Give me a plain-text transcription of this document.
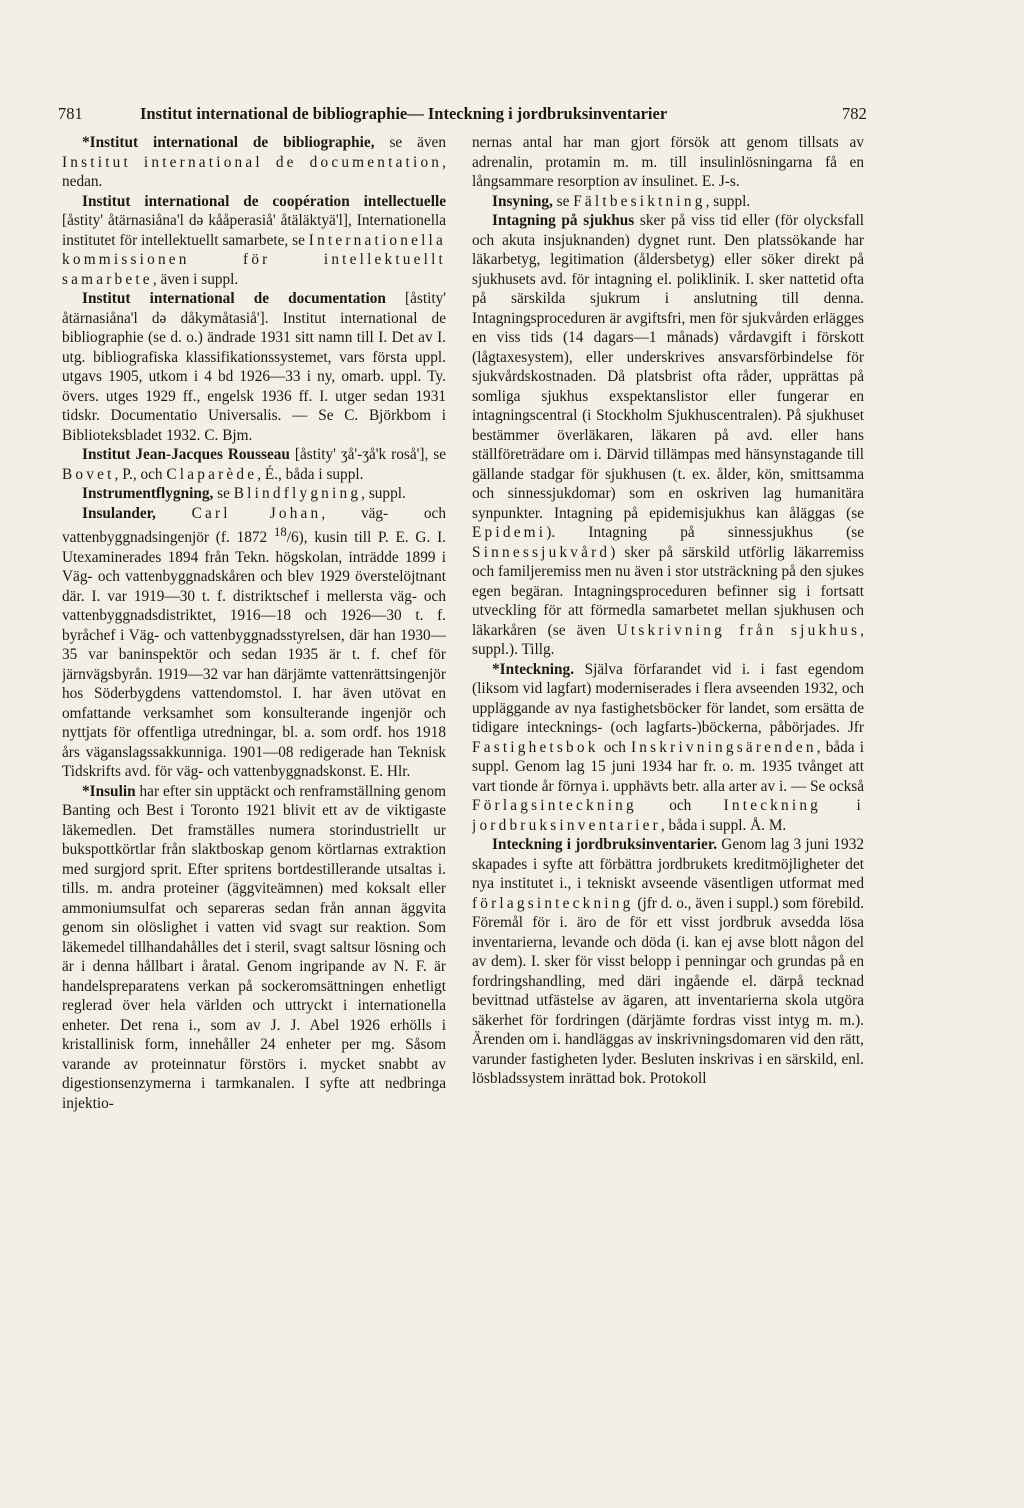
781	Institut international de bibliographie— Inteckning i jordbruksinventarier	782

*Institut international de bibliographie, se även Institut international de documentation, nedan.

Institut international de coopération intellectuelle [åstity' åtärnasiåna'l də kååperasiå' åtäläktyä'l], Internationella institutet för intellektuellt samarbete, se Internationella kommissionen för intellektuellt samarbete, även i suppl.

Institut international de documentation [åstity' åtärnasiåna'l də dåkymåtasiå']. Institut international de bibliographie (se d. o.) ändrade 1931 sitt namn till I. Det av I. utg. bibliografiska klassifikationssystemet, vars första uppl. utgavs 1905, utkom i 4 bd 1926—33 i ny, omarb. uppl. Ty. övers. utges 1929 ff., engelsk 1936 ff. I. utger sedan 1931 tidskr. Documentatio Universalis. — Se C. Björkbom i Biblioteksbladet 1932. C. Bjm.

Institut Jean-Jacques Rousseau [åstity' ʒå'-ʒå'k roså'], se Bovet, P., och Claparède, É., båda i suppl.

Instrumentflygning, se Blindflygning, suppl.

Insulander, Carl Johan, väg- och vattenbyggnadsingenjör (f. 1872 $^{18}$/6), kusin till P. E. G. I. Utexaminerades 1894 från Tekn. högskolan, inträdde 1899 i Väg- och vattenbyggnadskåren och blev 1929 överstelöjtnant där. I. var 1919—30 t. f. distriktschef i mellersta väg- och vattenbyggnadsdistriktet, 1916—18 och 1926—30 t. f. byråchef i Väg- och vattenbyggnadsstyrelsen, där han 1930—35 var baninspektör och sedan 1935 är t. f. chef för järnvägsbyrån. 1919—32 var han därjämte vattenrättsingenjör hos Söderbygdens vattendomstol. I. har även utövat en omfattande verksamhet som konsulterande ingenjör och nyttjats för offentliga utredningar, bl. a. som ordf. hos 1918 års väganslagssakkunniga. 1901—08 redigerade han Teknisk Tidskrifts avd. för väg- och vattenbyggnadskonst. E. Hlr.

*Insulin har efter sin upptäckt och renframställning genom Banting och Best i Toronto 1921 blivit ett av de viktigaste läkemedlen. Det framställes numera storindustriellt ur bukspottkörtlar från slaktboskap genom körtlarnas extraktion med surgjord sprit. Efter spritens bortdestillerande utsaltas i. tills. m. andra proteiner (äggviteämnen) med koksalt eller ammoniumsulfat och separeras sedan från annan äggvita genom sin olöslighet i vatten vid svagt sur reaktion. Som läkemedel tillhandahålles det i steril, svagt saltsur lösning och är i denna hållbart i åratal. Genom ingripande av N. F. är handelspreparatens verkan på sockeromsättningen enhetligt reglerad över hela världen och uttryckt i internationella enheter. Det rena i., som av J. J. Abel 1926 erhölls i kristallinisk form, innehåller 24 enheter per mg. Såsom varande av proteinnatur förstörs i. mycket snabbt av digestionsenzymerna i tarmkanalen. I syfte att nedbringa injektio-

nernas antal har man gjort försök att genom tillsats av adrenalin, protamin m. m. till insulinlösningarna få en långsammare resorption av insulinet. E. J-s.

Insyning, se Fältbesiktning, suppl.

Intagning på sjukhus sker på viss tid eller (för olycksfall och akuta insjuknanden) dygnet runt. Den platssökande har läkarbetyg, legitimation (åldersbetyg) eller söker direkt på sjukhusets avd. för intagning el. poliklinik. I. sker nattetid ofta på särskilda sjukrum i anslutning till denna. Intagningsproceduren är avgiftsfri, men för sjukvården erlägges en viss tids (14 dagars—1 månads) vårdavgift i förskott (lågtaxesystem), eller underskrives ansvarsförbindelse för sjukvårdskostnaden. Då platsbrist ofta råder, upprättas på somliga sjukhus exspektanslistor eller fungerar en intagningscentral (i Stockholm Sjukhuscentralen). På sjukhuset bestämmer överläkaren, läkaren på avd. eller hans ställföreträdare om i. Därvid tillämpas med hänsynstagande till gällande stadgar för sjukhusen (t. ex. ålder, kön, smittsamma och sinnessjukdomar) som en oskriven lag humanitära synpunkter. Intagning på epidemisjukhus kan åläggas (se Epidemi). Intagning på sinnessjukhus (se Sinnessjukvård) sker på särskild utförlig läkarremiss och familjeremiss men nu även i stor utsträckning på den sjukes egen begäran. Intagningsproceduren befinner sig i fortsatt utveckling för att förmedla samarbetet mellan sjukhusen och läkarkåren (se även Utskrivning från sjukhus, suppl.). Tillg.

*Inteckning. Själva förfarandet vid i. i fast egendom (liksom vid lagfart) moderniserades i flera avseenden 1932, och uppläggande av nya fastighetsböcker för landet, som ersätta de tidigare intecknings- (och lagfarts-)böckerna, påbörjades. Jfr Fastighetsbok och Inskrivningsärenden, båda i suppl. Genom lag 15 juni 1934 har fr. o. m. 1935 tvånget att vart tionde år förnya i. upphävts betr. alla arter av i. — Se också Förlagsinteckning och Inteckning i jordbruksinventarier, båda i suppl. Å. M.

Inteckning i jordbruksinventarier. Genom lag 3 juni 1932 skapades i syfte att förbättra jordbrukets kreditmöjligheter det nya institutet i., i tekniskt avseende väsentligen utformat med förlagsinteckning (jfr d. o., även i suppl.) som förebild. Föremål för i. äro de för ett visst jordbruk avsedda lösa inventarierna, levande och döda (i. kan ej avse blott någon del av dem). I. sker för visst belopp i penningar och grundas på en fordringshandling, med däri ingående el. därpå tecknad bevittnad utfästelse av ägaren, att inventarierna skola utgöra säkerhet för fordringen (därjämte fordras visst intyg m. m.). Ärenden om i. handläggas av inskrivningsdomaren vid den rätt, varunder fastigheten lyder. Besluten inskrivas i en särskild, enl. lösbladssystem inrättad bok. Protokoll
